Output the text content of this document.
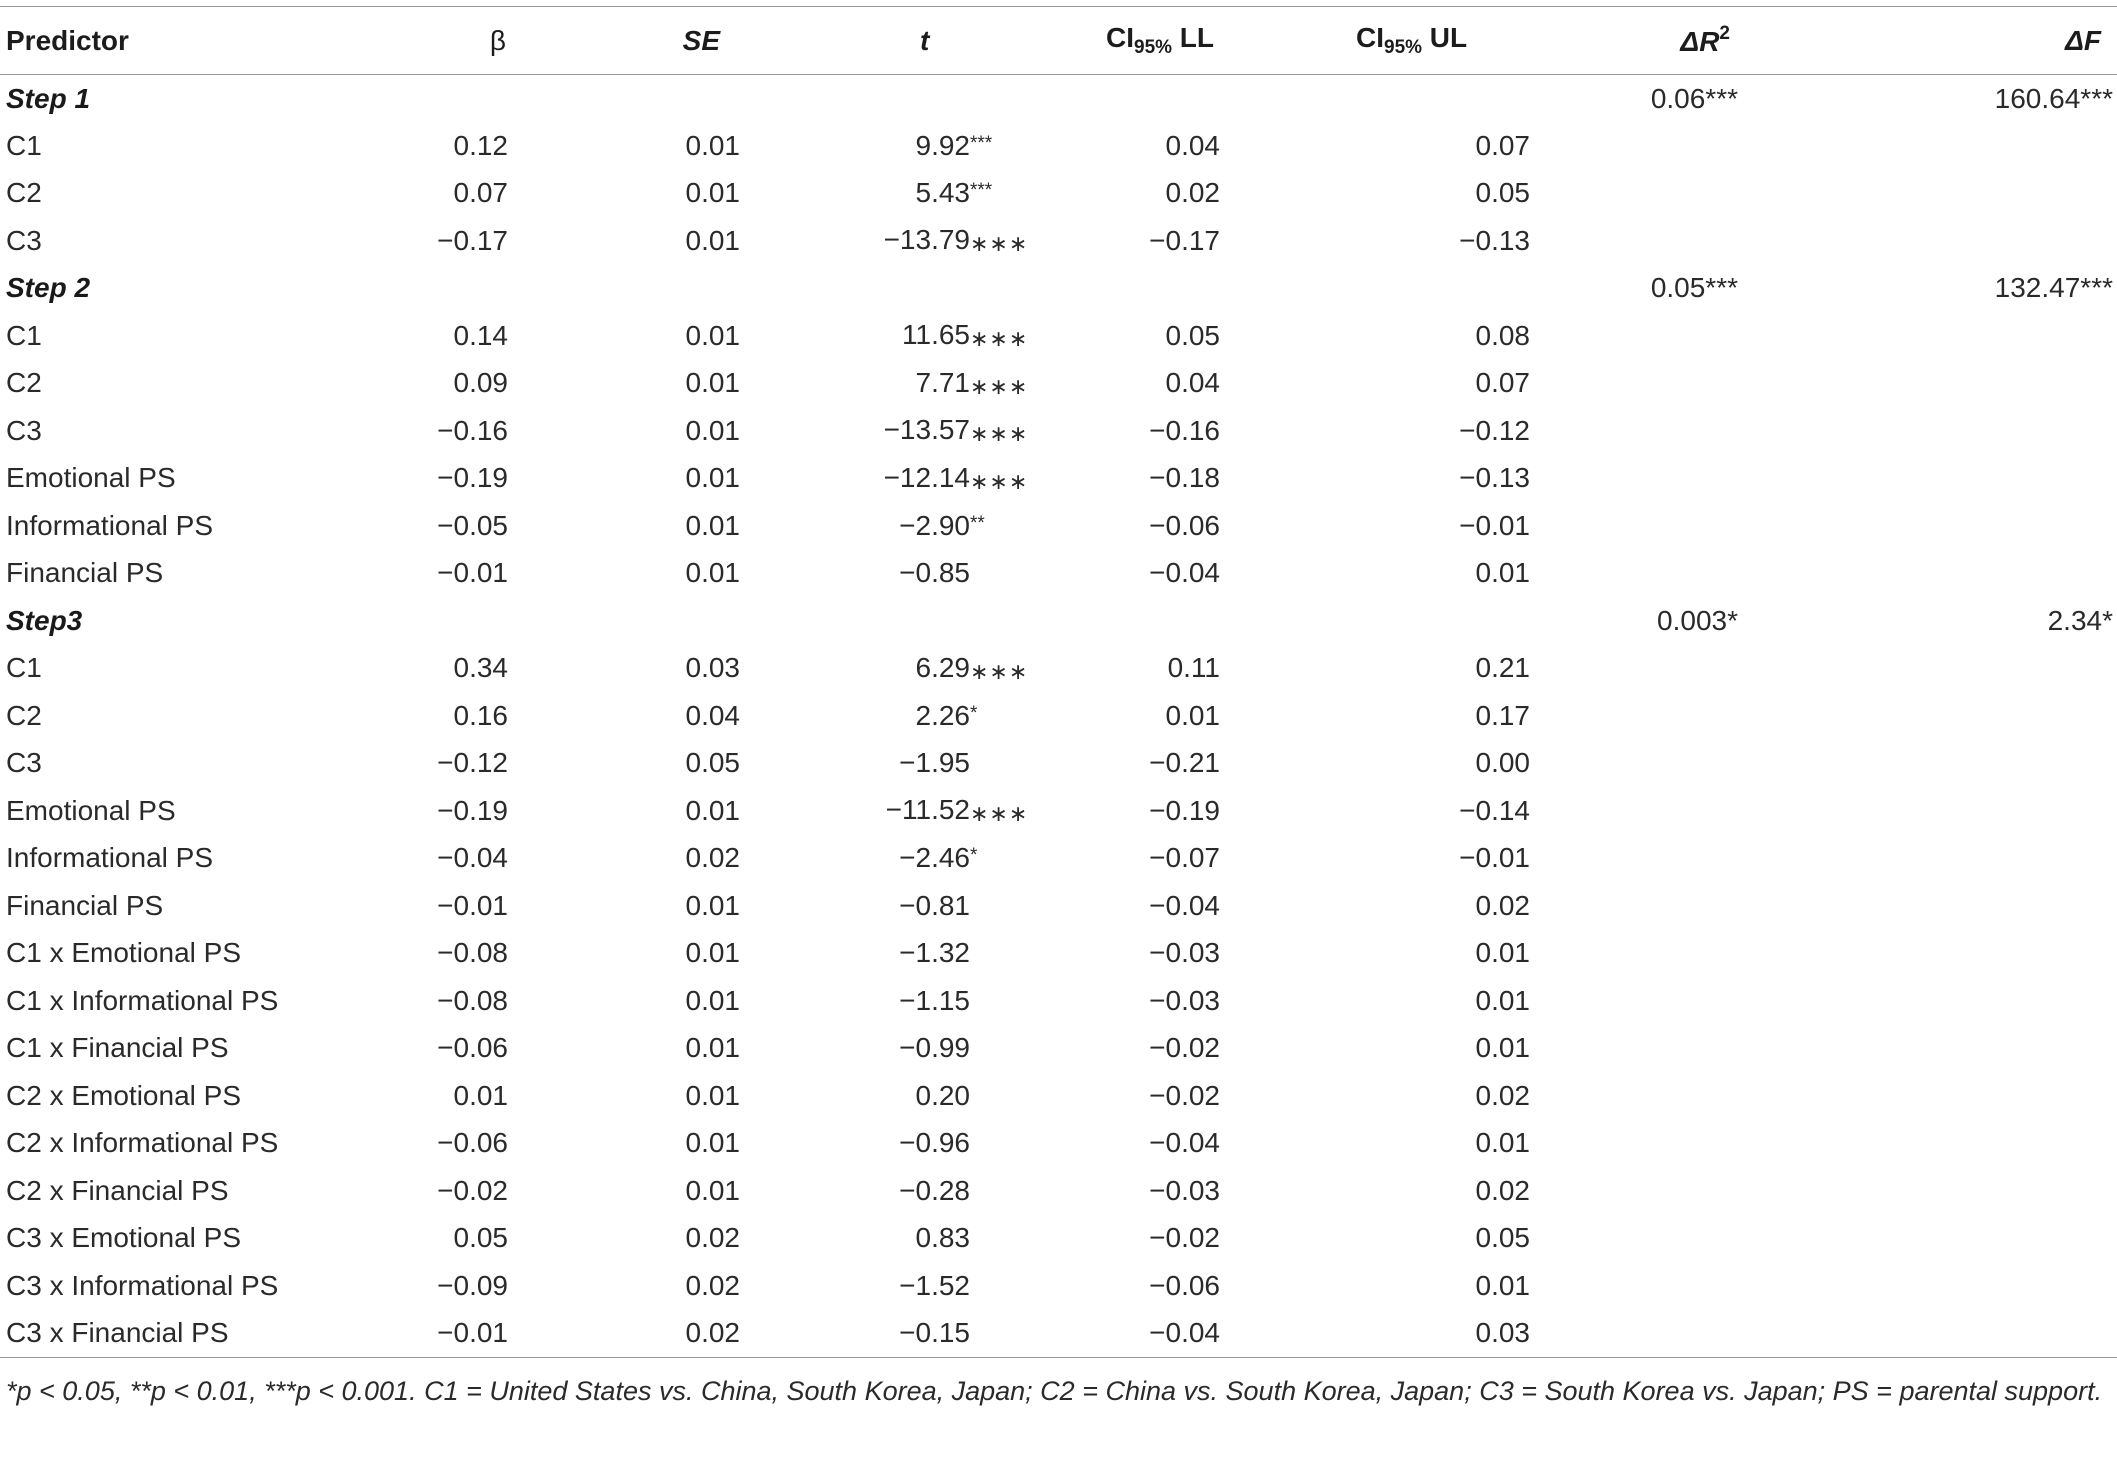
Predictor	β	SE	t	$CI_{95\%}$ LL	$CI_{95\%}$ UL	$\Delta R^2$	ΔF
Step 1						0.06***	160.64***
C1	0.12	0.01	9.92***	0.04	0.07		
C2	0.07	0.01	5.43***	0.02	0.05		
C3	−0.17	0.01	−13.79∗∗∗	−0.17	−0.13		
Step 2						0.05***	132.47***
C1	0.14	0.01	11.65∗∗∗	0.05	0.08		
C2	0.09	0.01	7.71∗∗∗	0.04	0.07		
C3	−0.16	0.01	−13.57∗∗∗	−0.16	−0.12		
Emotional PS	−0.19	0.01	−12.14∗∗∗	−0.18	−0.13		
Informational PS	−0.05	0.01	−2.90**	−0.06	−0.01		
Financial PS	−0.01	0.01	−0.85	−0.04	0.01		
Step3						0.003*	2.34*
C1	0.34	0.03	6.29∗∗∗	0.11	0.21		
C2	0.16	0.04	2.26*	0.01	0.17		
C3	−0.12	0.05	−1.95	−0.21	0.00		
Emotional PS	−0.19	0.01	−11.52∗∗∗	−0.19	−0.14		
Informational PS	−0.04	0.02	−2.46*	−0.07	−0.01		
Financial PS	−0.01	0.01	−0.81	−0.04	0.02		
C1 x Emotional PS	−0.08	0.01	−1.32	−0.03	0.01		
C1 x Informational PS	−0.08	0.01	−1.15	−0.03	0.01		
C1 x Financial PS	−0.06	0.01	−0.99	−0.02	0.01		
C2 x Emotional PS	0.01	0.01	0.20	−0.02	0.02		
C2 x Informational PS	−0.06	0.01	−0.96	−0.04	0.01		
C2 x Financial PS	−0.02	0.01	−0.28	−0.03	0.02		
C3 x Emotional PS	0.05	0.02	0.83	−0.02	0.05		
C3 x Informational PS	−0.09	0.02	−1.52	−0.06	0.01		
C3 x Financial PS	−0.01	0.02	−0.15	−0.04	0.03		
*p < 0.05, **p < 0.01, ***p < 0.001. C1 = United States vs. China, South Korea, Japan; C2 = China vs. South Korea, Japan; C3 = South Korea vs. Japan; PS = parental support.
